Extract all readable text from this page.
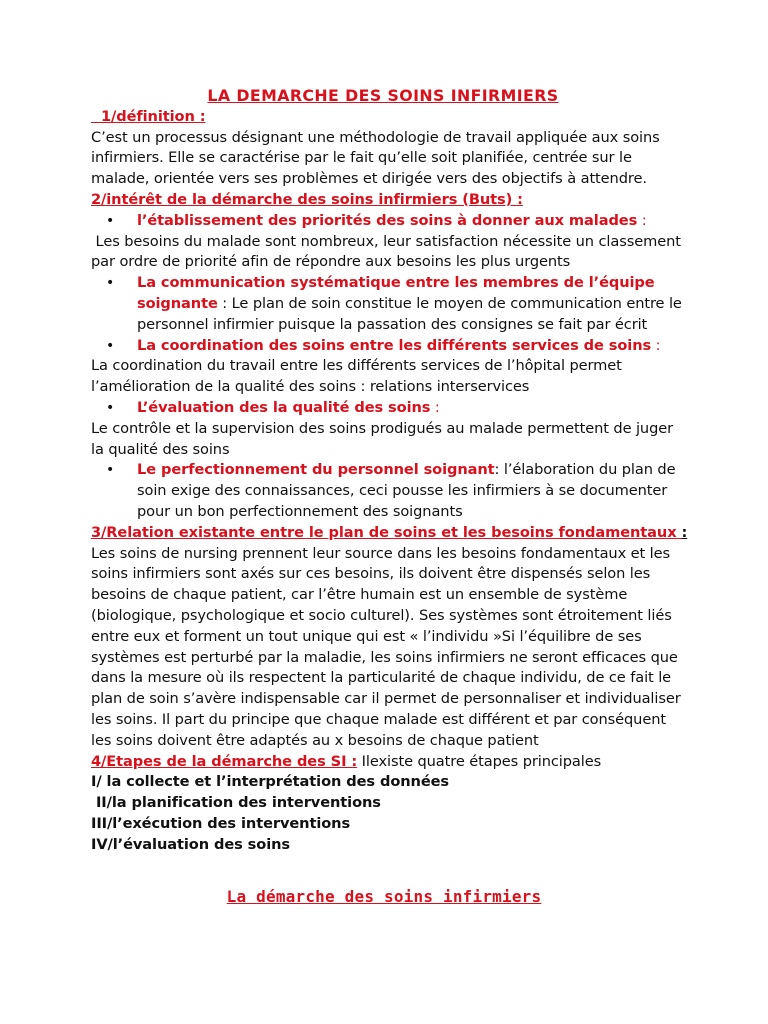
LA DEMARCHE DES SOINS INFIRMIERS

1/définition :

C’est un processus désignant une méthodologie de travail appliquée aux soins infirmiers. Elle se caractérise par le fait qu’elle soit planifiée, centrée sur le malade, orientée vers ses problèmes et dirigée vers des objectifs à attendre.

2/intérêt de la démarche des soins infirmiers (Buts) :

• l’établissement des priorités des soins à donner aux malades :

Les besoins du malade sont nombreux, leur satisfaction nécessite un classement par ordre de priorité afin de répondre aux besoins les plus urgents

• La communication systématique entre les membres de l’équipe soignante : Le plan de soin constitue le moyen de communication entre le personnel infirmier puisque la passation des consignes se fait par écrit
• La coordination des soins entre les différents services de soins :

La coordination du travail entre les différents services de l’hôpital permet l’amélioration de la qualité des soins : relations interservices

• L’évaluation des la qualité des soins :

Le contrôle et la supervision des soins prodigués au malade permettent de juger la qualité des soins

• Le perfectionnement du personnel soignant: l’élaboration du plan de soin exige des connaissances, ceci pousse les infirmiers à se documenter pour un bon perfectionnement des soignants

3/Relation existante entre le plan de soins et les besoins fondamentaux :

Les soins de nursing prennent leur source dans les besoins fondamentaux et les soins infirmiers sont axés sur ces besoins, ils doivent être dispensés selon les besoins de chaque patient, car l’être humain est un ensemble de système (biologique, psychologique et socio culturel). Ses systèmes sont étroitement liés entre eux et forment un tout unique qui est « l’individu »Si l’équilibre de ses systèmes est perturbé par la maladie, les soins infirmiers ne seront efficaces que dans la mesure où ils respectent la particularité de chaque individu, de ce fait le plan de soin s’avère indispensable car il permet de personnaliser et individualiser les soins. Il part du principe que chaque malade est différent et par conséquent les soins doivent être adaptés au x besoins de chaque patient

4/Etapes de la démarche des SI : Ilexiste quatre étapes principales

I/ la collecte et l’interprétation des données

II/la planification des interventions

III/l’exécution des interventions

IV/l’évaluation des soins

La démarche des soins infirmiers
